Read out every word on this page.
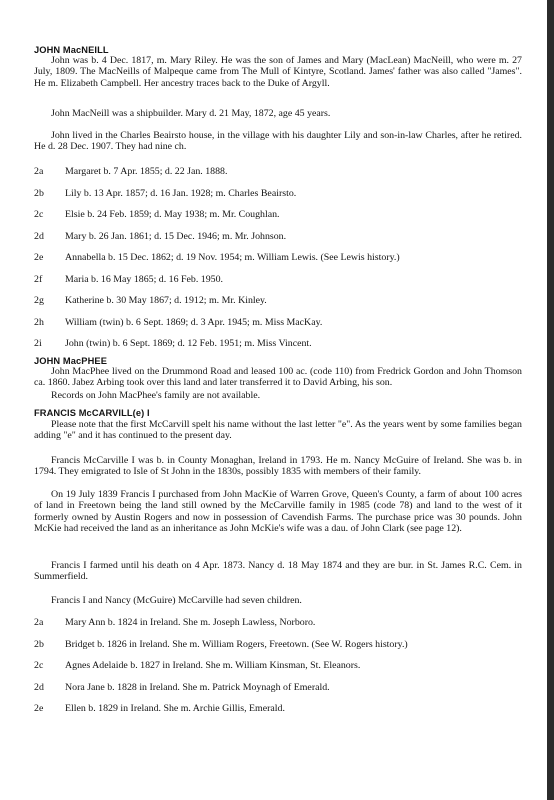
JOHN MacNEILL
John was b. 4 Dec. 1817, m. Mary Riley. He was the son of James and Mary (MacLean) MacNeill, who were m. 27 July, 1809. The MacNeills of Malpeque came from The Mull of Kintyre, Scotland. James' father was also called "James". He m. Elizabeth Campbell. Her ancestry traces back to the Duke of Argyll.
John MacNeill was a shipbuilder. Mary d. 21 May, 1872, age 45 years.
John lived in the Charles Beairsto house, in the village with his daughter Lily and son-in-law Charles, after he retired. He d. 28 Dec. 1907. They had nine ch.
2a	Margaret b. 7 Apr. 1855; d. 22 Jan. 1888.
2b	Lily b. 13 Apr. 1857; d. 16 Jan. 1928; m. Charles Beairsto.
2c	Elsie b. 24 Feb. 1859; d. May 1938; m. Mr. Coughlan.
2d	Mary b. 26 Jan. 1861; d. 15 Dec. 1946; m. Mr. Johnson.
2e	Annabella b. 15 Dec. 1862; d. 19 Nov. 1954; m. William Lewis. (See Lewis history.)
2f	Maria b. 16 May 1865; d. 16 Feb. 1950.
2g	Katherine b. 30 May 1867; d. 1912; m. Mr. Kinley.
2h	William (twin) b. 6 Sept. 1869; d. 3 Apr. 1945; m. Miss MacKay.
2i	John (twin) b. 6 Sept. 1869; d. 12 Feb. 1951; m. Miss Vincent.
JOHN MacPHEE
John MacPhee lived on the Drummond Road and leased 100 ac. (code 110) from Fredrick Gordon and John Thomson ca. 1860. Jabez Arbing took over this land and later transferred it to David Arbing, his son.
Records on John MacPhee's family are not available.
FRANCIS McCARVILL(e) I
Please note that the first McCarvill spelt his name without the last letter "e". As the years went by some families began adding "e" and it has continued to the present day.
Francis McCarville I was b. in County Monaghan, Ireland in 1793. He m. Nancy McGuire of Ireland. She was b. in 1794. They emigrated to Isle of St John in the 1830s, possibly 1835 with members of their family.
On 19 July 1839 Francis I purchased from John MacKie of Warren Grove, Queen's County, a farm of about 100 acres of land in Freetown being the land still owned by the McCarville family in 1985 (code 78) and land to the west of it formerly owned by Austin Rogers and now in possession of Cavendish Farms. The purchase price was 30 pounds. John McKie had received the land as an inheritance as John McKie's wife was a dau. of John Clark (see page 12).
Francis I farmed until his death on 4 Apr. 1873. Nancy d. 18 May 1874 and they are bur. in St. James R.C. Cem. in Summerfield.
Francis I and Nancy (McGuire) McCarville had seven children.
2a	Mary Ann b. 1824 in Ireland. She m. Joseph Lawless, Norboro.
2b	Bridget b. 1826 in Ireland. She m. William Rogers, Freetown. (See W. Rogers history.)
2c	Agnes Adelaide b. 1827 in Ireland. She m. William Kinsman, St. Eleanors.
2d	Nora Jane b. 1828 in Ireland. She m. Patrick Moynagh of Emerald.
2e	Ellen b. 1829 in Ireland. She m. Archie Gillis, Emerald.
